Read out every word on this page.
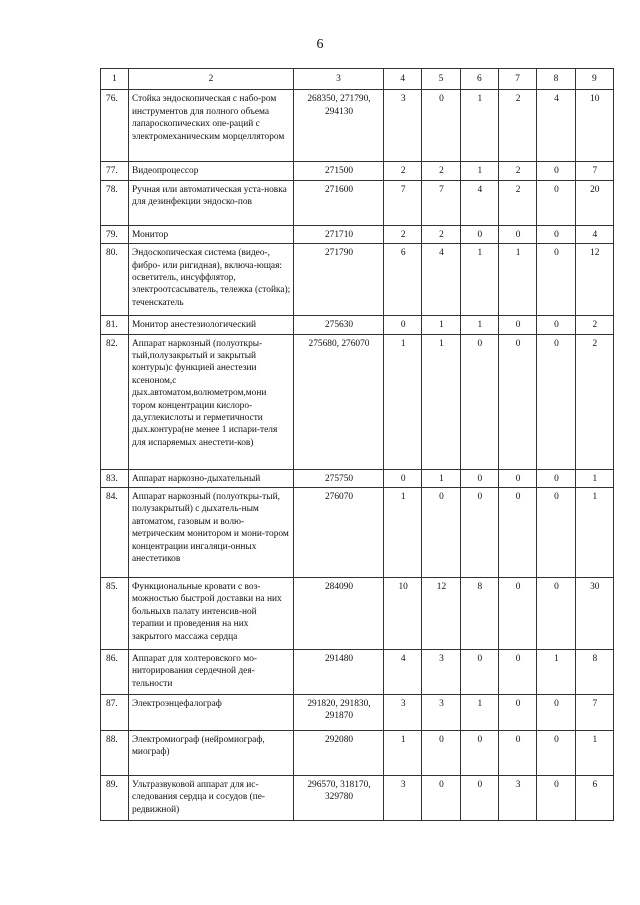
6
1	2	3	4	5	6	7	8	9
76.	Стойка эндоскопическая с набо-ром инструментов для полного объема лапароскопических опе-раций с электромеханическим морцеллятором	268350, 271790, 294130	3	0	1	2	4	10
77.	Видеопроцессор	271500	2	2	1	2	0	7
78.	Ручная или автоматическая уста-новка для дезинфекции эндоско-пов	271600	7	7	4	2	0	20
79.	Монитор	271710	2	2	0	0	0	4
80.	Эндоскопическая система (видео-, фибро- или ригидная), включа-ющая: осветитель, инсуффлятор, электроотсасыватель, тележка (стойка); теченскатель	271790	6	4	1	1	0	12
81.	Монитор анестезиологический	275630	0	1	1	0	0	2
82.	Аппарат наркозный (полуоткры-тый,полузакрытый и закрытый контуры)с функцией анестезии ксеноном,с дых.автоматом,волюметром,мони тором концентрации кислоро-да,углекислоты и герметичности дых.контура(не менее 1 испари-теля для испаряемых анестети-ков)	275680, 276070	1	1	0	0	0	2
83.	Аппарат наркозно-дыхательный	275750	0	1	0	0	0	1
84.	Аппарат наркозный (полуоткры-тый, полузакрытый) с дыхатель-ным автоматом, газовым и волю-метрическим монитором и мони-тором концентрации ингаляци-онных анестетиков	276070	1	0	0	0	0	1
85.	Функциональные кровати с воз-можностью быстрой доставки на них больныхв палату интенсив-ной терапии и проведения на них закрытого массажа сердца	284090	10	12	8	0	0	30
86.	Аппарат для холтеровского мо-ниторирования сердечной дея-тельности	291480	4	3	0	0	1	8
87.	Электроэнцефалограф	291820, 291830, 291870	3	3	1	0	0	7
88.	Электромиограф (нейромиограф, миограф)	292080	1	0	0	0	0	1
89.	Ультразвуковой аппарат для ис-следования сердца и сосудов (пе-редвижной)	296570, 318170, 329780	3	0	0	3	0	6
